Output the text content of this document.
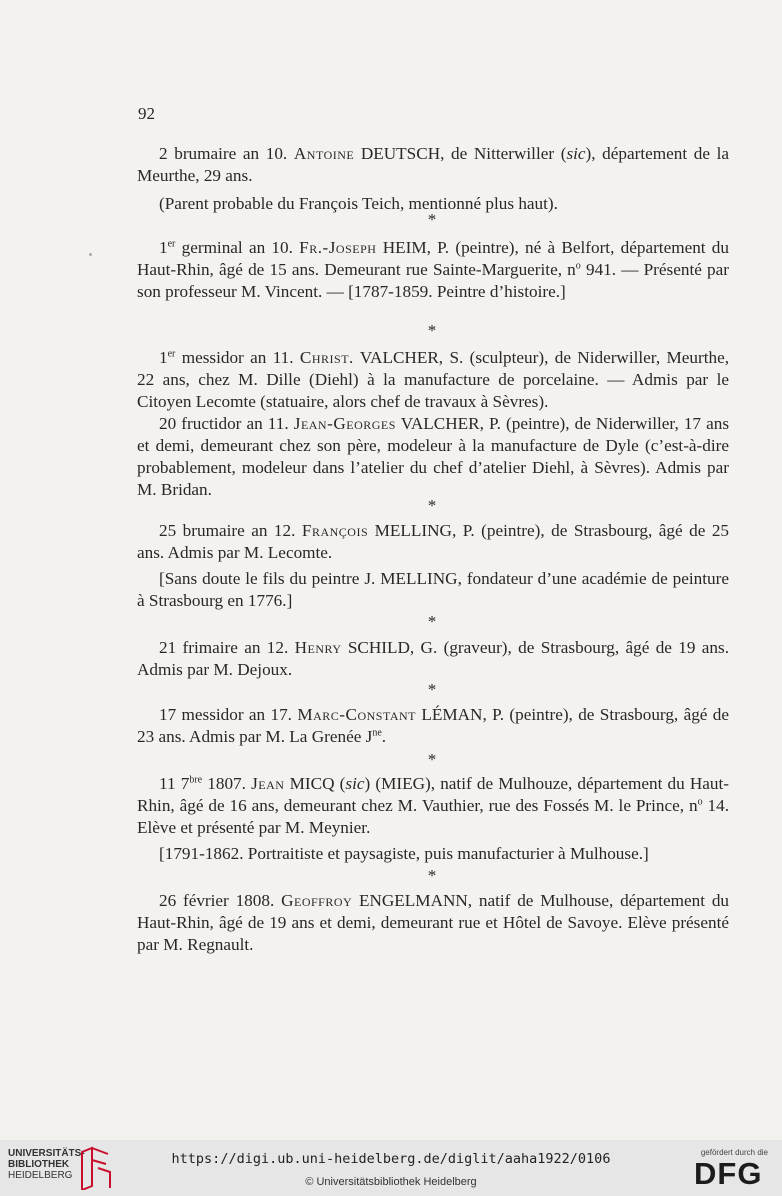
92

2 brumaire an 10. Antoine DEUTSCH, de Nitterwiller (sic), département de la Meurthe, 29 ans.

(Parent probable du François Teich, mentionné plus haut).

*

1er germinal an 10. Fr.-Joseph HEIM, P. (peintre), né à Belfort, département du Haut-Rhin, âgé de 15 ans. Demeurant rue Sainte-Marguerite, $n^o$ 941. — Présenté par son professeur M. Vincent. — [1787-1859. Peintre d’histoire.]

*

1er messidor an 11. Christ. VALCHER, S. (sculpteur), de Niderwiller, Meurthe, 22 ans, chez M. Dille (Diehl) à la manufacture de porcelaine. — Admis par le Citoyen Lecomte (statuaire, alors chef de travaux à Sèvres).

20 fructidor an 11. Jean-Georges VALCHER, P. (peintre), de Niderwiller, 17 ans et demi, demeurant chez son père, modeleur à la manufacture de Dyle (c’est-à-dire probablement, modeleur dans l’atelier du chef d’atelier Diehl, à Sèvres). Admis par M. Bridan.

*

25 brumaire an 12. François MELLING, P. (peintre), de Strasbourg, âgé de 25 ans. Admis par M. Lecomte.

[Sans doute le fils du peintre J. MELLING, fondateur d’une académie de peinture à Strasbourg en 1776.]

*

21 frimaire an 12. Henry SCHILD, G. (graveur), de Strasbourg, âgé de 19 ans. Admis par M. Dejoux.

*

17 messidor an 17. Marc-Constant LÉMAN, P. (peintre), de Strasbourg, âgé de 23 ans. Admis par M. La Grenée $J^{ne}$.

*

11 $7^{bre}$ 1807. Jean MICQ (sic) (MIEG), natif de Mulhouze, département du Haut-Rhin, âgé de 16 ans, demeurant chez M. Vauthier, rue des Fossés M. le Prince, $n^o$ 14. Elève et présenté par M. Meynier.

[1791-1862. Portraitiste et paysagiste, puis manufacturier à Mulhouse.]

*

26 février 1808. Geoffroy ENGELMANN, natif de Mulhouse, département du Haut-Rhin, âgé de 19 ans et demi, demeurant rue et Hôtel de Savoye. Elève présenté par M. Regnault.

UNIVERSITÄTS-
BIBLIOTHEK
HEIDELBERG
https://digi.ub.uni-heidelberg.de/diglit/aaha1922/0106
© Universitätsbibliothek Heidelberg
gefördert durch die
DFG
